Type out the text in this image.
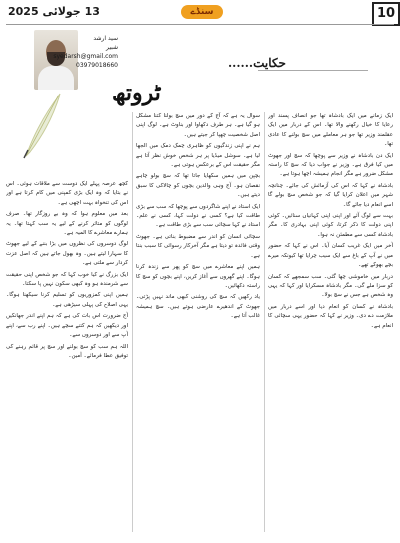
10
سنڈے
13 جولائی 2025
سید ارشد شبیر
syedarsh@gmail.com
03979018660	حکایت......
ٹروتھ

ایک زمانے میں ایک بادشاہ تھا جو انصاف پسند اور رعایا کا خیال رکھنے والا تھا۔ اس کے دربار میں ایک عقلمند وزیر تھا جو ہر معاملے میں سچ بولنے کا عادی تھا۔

ایک دن بادشاہ نے وزیر سے پوچھا کہ سچ اور جھوٹ میں کیا فرق ہے۔ وزیر نے جواب دیا کہ سچ کا راستہ مشکل ضرور ہے مگر انجام ہمیشہ اچھا ہوتا ہے۔

بادشاہ نے کہا کہ اس کی آزمائش کی جائے۔ چنانچہ شہر میں اعلان کرایا گیا کہ جو شخص سچ بولے گا اسے انعام دیا جائے گا۔

بہت سے لوگ آئے اور اپنی اپنی کہانیاں سنائیں۔ کوئی اپنی دولت کا ذکر کرتا، کوئی اپنی بہادری کا۔ مگر بادشاہ کسی سے مطمئن نہ ہوا۔

آخر میں ایک غریب کسان آیا۔ اس نے کہا کہ حضور میں نے آپ کے باغ سے ایک سیب چرایا تھا کیونکہ میرے بچے بھوکے تھے۔

دربار میں خاموشی چھا گئی۔ سب سمجھے کہ کسان کو سزا ملے گی۔ مگر بادشاہ مسکرایا اور کہا کہ یہی وہ شخص ہے جس نے سچ بولا۔

بادشاہ نے کسان کو انعام دیا اور اسے دربار میں ملازمت دے دی۔ وزیر نے کہا کہ حضور یہی سچائی کا انعام ہے۔

سوال یہ ہے کہ آج کے دور میں سچ بولنا کتنا مشکل ہو گیا ہے۔ ہر طرف دکھاوا اور بناوٹ ہے۔ لوگ اپنی اصل شخصیت چھپا کر جیتے ہیں۔

ہم نے اپنی زندگیوں کو ظاہری چمک دمک میں الجھا لیا ہے۔ سوشل میڈیا پر ہر شخص خوش نظر آتا ہے مگر حقیقت اس کے برعکس ہوتی ہے۔

بچپن میں ہمیں سکھایا جاتا تھا کہ سچ بولو چاہے نقصان ہو۔ آج وہی والدین بچوں کو چالاکی کا سبق دیتے ہیں۔

ایک استاد نے اپنے شاگردوں سے پوچھا کہ سب سے بڑی طاقت کیا ہے؟ کسی نے دولت کہا، کسی نے علم۔ استاد نے کہا سچائی سب سے بڑی طاقت ہے۔

سچائی انسان کو اندر سے مضبوط بناتی ہے۔ جھوٹ وقتی فائدہ تو دیتا ہے مگر آخرکار رسوائی کا سبب بنتا ہے۔

ہمیں اپنے معاشرے میں سچ کو پھر سے زندہ کرنا ہوگا۔ اپنے گھروں سے آغاز کریں، اپنے بچوں کو سچ کا راستہ دکھائیں۔

یاد رکھیں کہ سچ کی روشنی کبھی ماند نہیں پڑتی۔ جھوٹ کے اندھیرے عارضی ہوتے ہیں۔ سچ ہمیشہ غالب آتا ہے۔

کچھ عرصہ پہلے ایک دوست سے ملاقات ہوئی۔ اس نے بتایا کہ وہ ایک بڑی کمپنی میں کام کرتا ہے اور اس کی تنخواہ بہت اچھی ہے۔

بعد میں معلوم ہوا کہ وہ بے روزگار تھا۔ صرف لوگوں کو متاثر کرنے کے لیے یہ سب کہتا تھا۔ یہ ہمارے معاشرے کا المیہ ہے۔

لوگ دوسروں کی نظروں میں بڑا بننے کے لیے جھوٹ کا سہارا لیتے ہیں۔ وہ بھول جاتے ہیں کہ اصل عزت کردار سے ملتی ہے۔

ایک بزرگ نے کیا خوب کہا کہ جو شخص اپنی حقیقت سے شرمندہ ہو وہ کبھی سکون نہیں پا سکتا۔

ہمیں اپنی کمزوریوں کو تسلیم کرنا سیکھنا ہوگا۔ یہی اصلاح کی پہلی سیڑھی ہے۔

آج ضرورت اس بات کی ہے کہ ہم اپنے اندر جھانکیں اور دیکھیں کہ ہم کتنے سچے ہیں۔ اپنے رب سے، اپنے آپ سے اور دوسروں سے۔

اللہ ہم سب کو سچ بولنے اور سچ پر قائم رہنے کی توفیق عطا فرمائے۔ آمین۔
